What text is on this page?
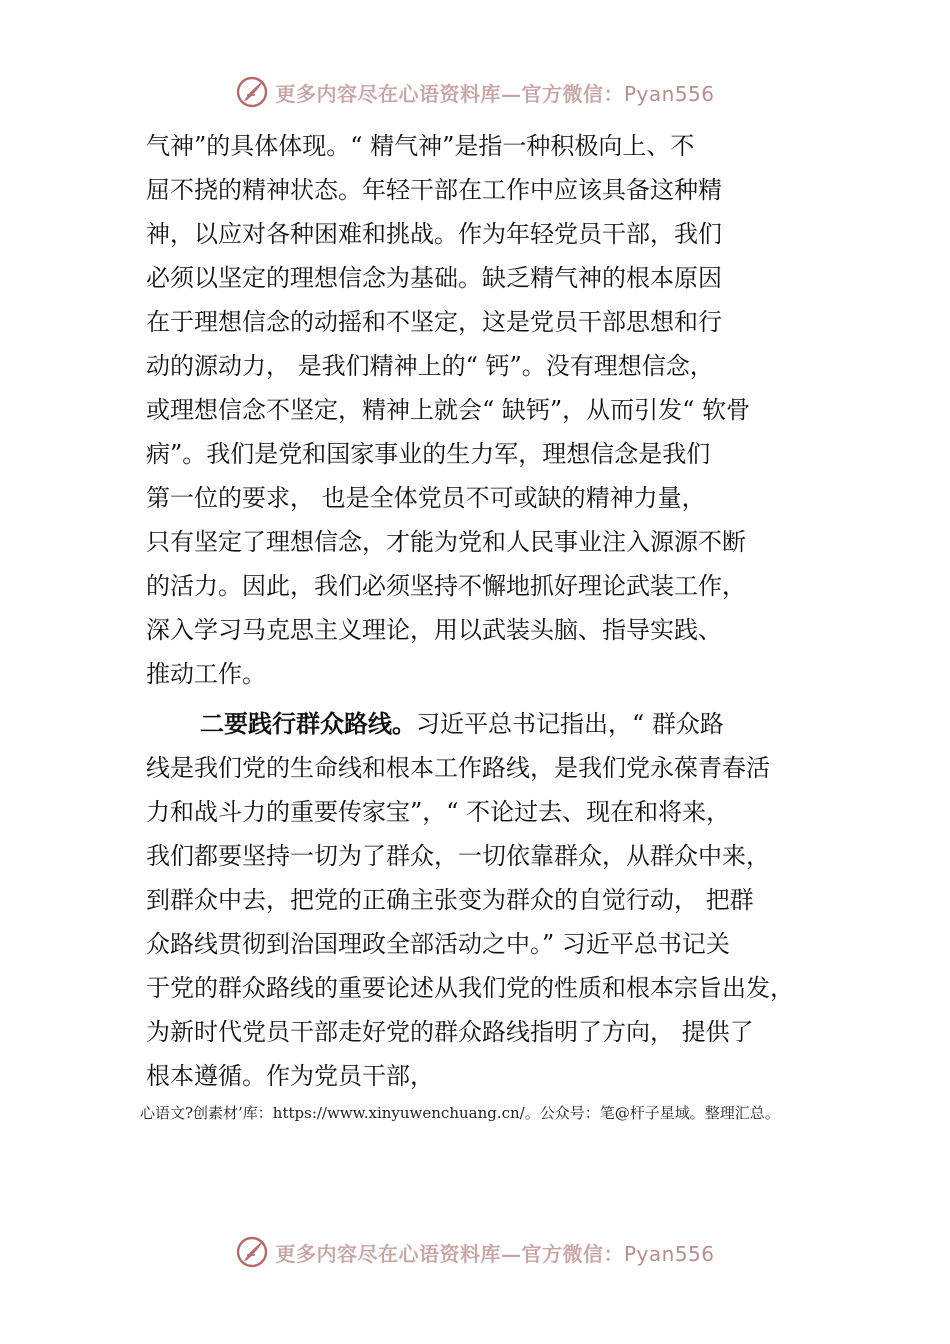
更多内容尽在心语资料库—官方微信：Pyan556
气神”的具体体现。“ 精气神”是指一种积极向上、不
屈不挠的精神状态。年轻干部在工作中应该具备这种精
神，以应对各种困难和挑战。作为年轻党员干部，我们
必须以坚定的理想信念为基础。缺乏精气神的根本原因
在于理想信念的动摇和不坚定，这是党员干部思想和行
动的源动力， 是我们精神上的“ 钙”。没有理想信念，
或理想信念不坚定，精神上就会“ 缺钙”，从而引发“ 软骨
病”。我们是党和国家事业的生力军，理想信念是我们
第一位的要求， 也是全体党员不可或缺的精神力量，
只有坚定了理想信念，才能为党和人民事业注入源源不断
的活力。因此，我们必须坚持不懈地抓好理论武装工作，
深入学习马克思主义理论，用以武装头脑、指导实践、
推动工作。
二要践行群众路线。习近平总书记指出，“ 群众路
线是我们党的生命线和根本工作路线，是我们党永葆青春活
力和战斗力的重要传家宝”，“ 不论过去、现在和将来，
我们都要坚持一切为了群众，一切依靠群众，从群众中来，
到群众中去，把党的正确主张变为群众的自觉行动， 把群
众路线贯彻到治国理政全部活动之中。” 习近平总书记关
于党的群众路线的重要论述从我们党的性质和根本宗旨出发，
为新时代党员干部走好党的群众路线指明了方向， 提供了
根本遵循。作为党员干部，
心语文?创素材’库：https://www.xinyuwenchuang.cn/。公众号：笔@杆子星域。整理汇总。
更多内容尽在心语资料库—官方微信：Pyan556
